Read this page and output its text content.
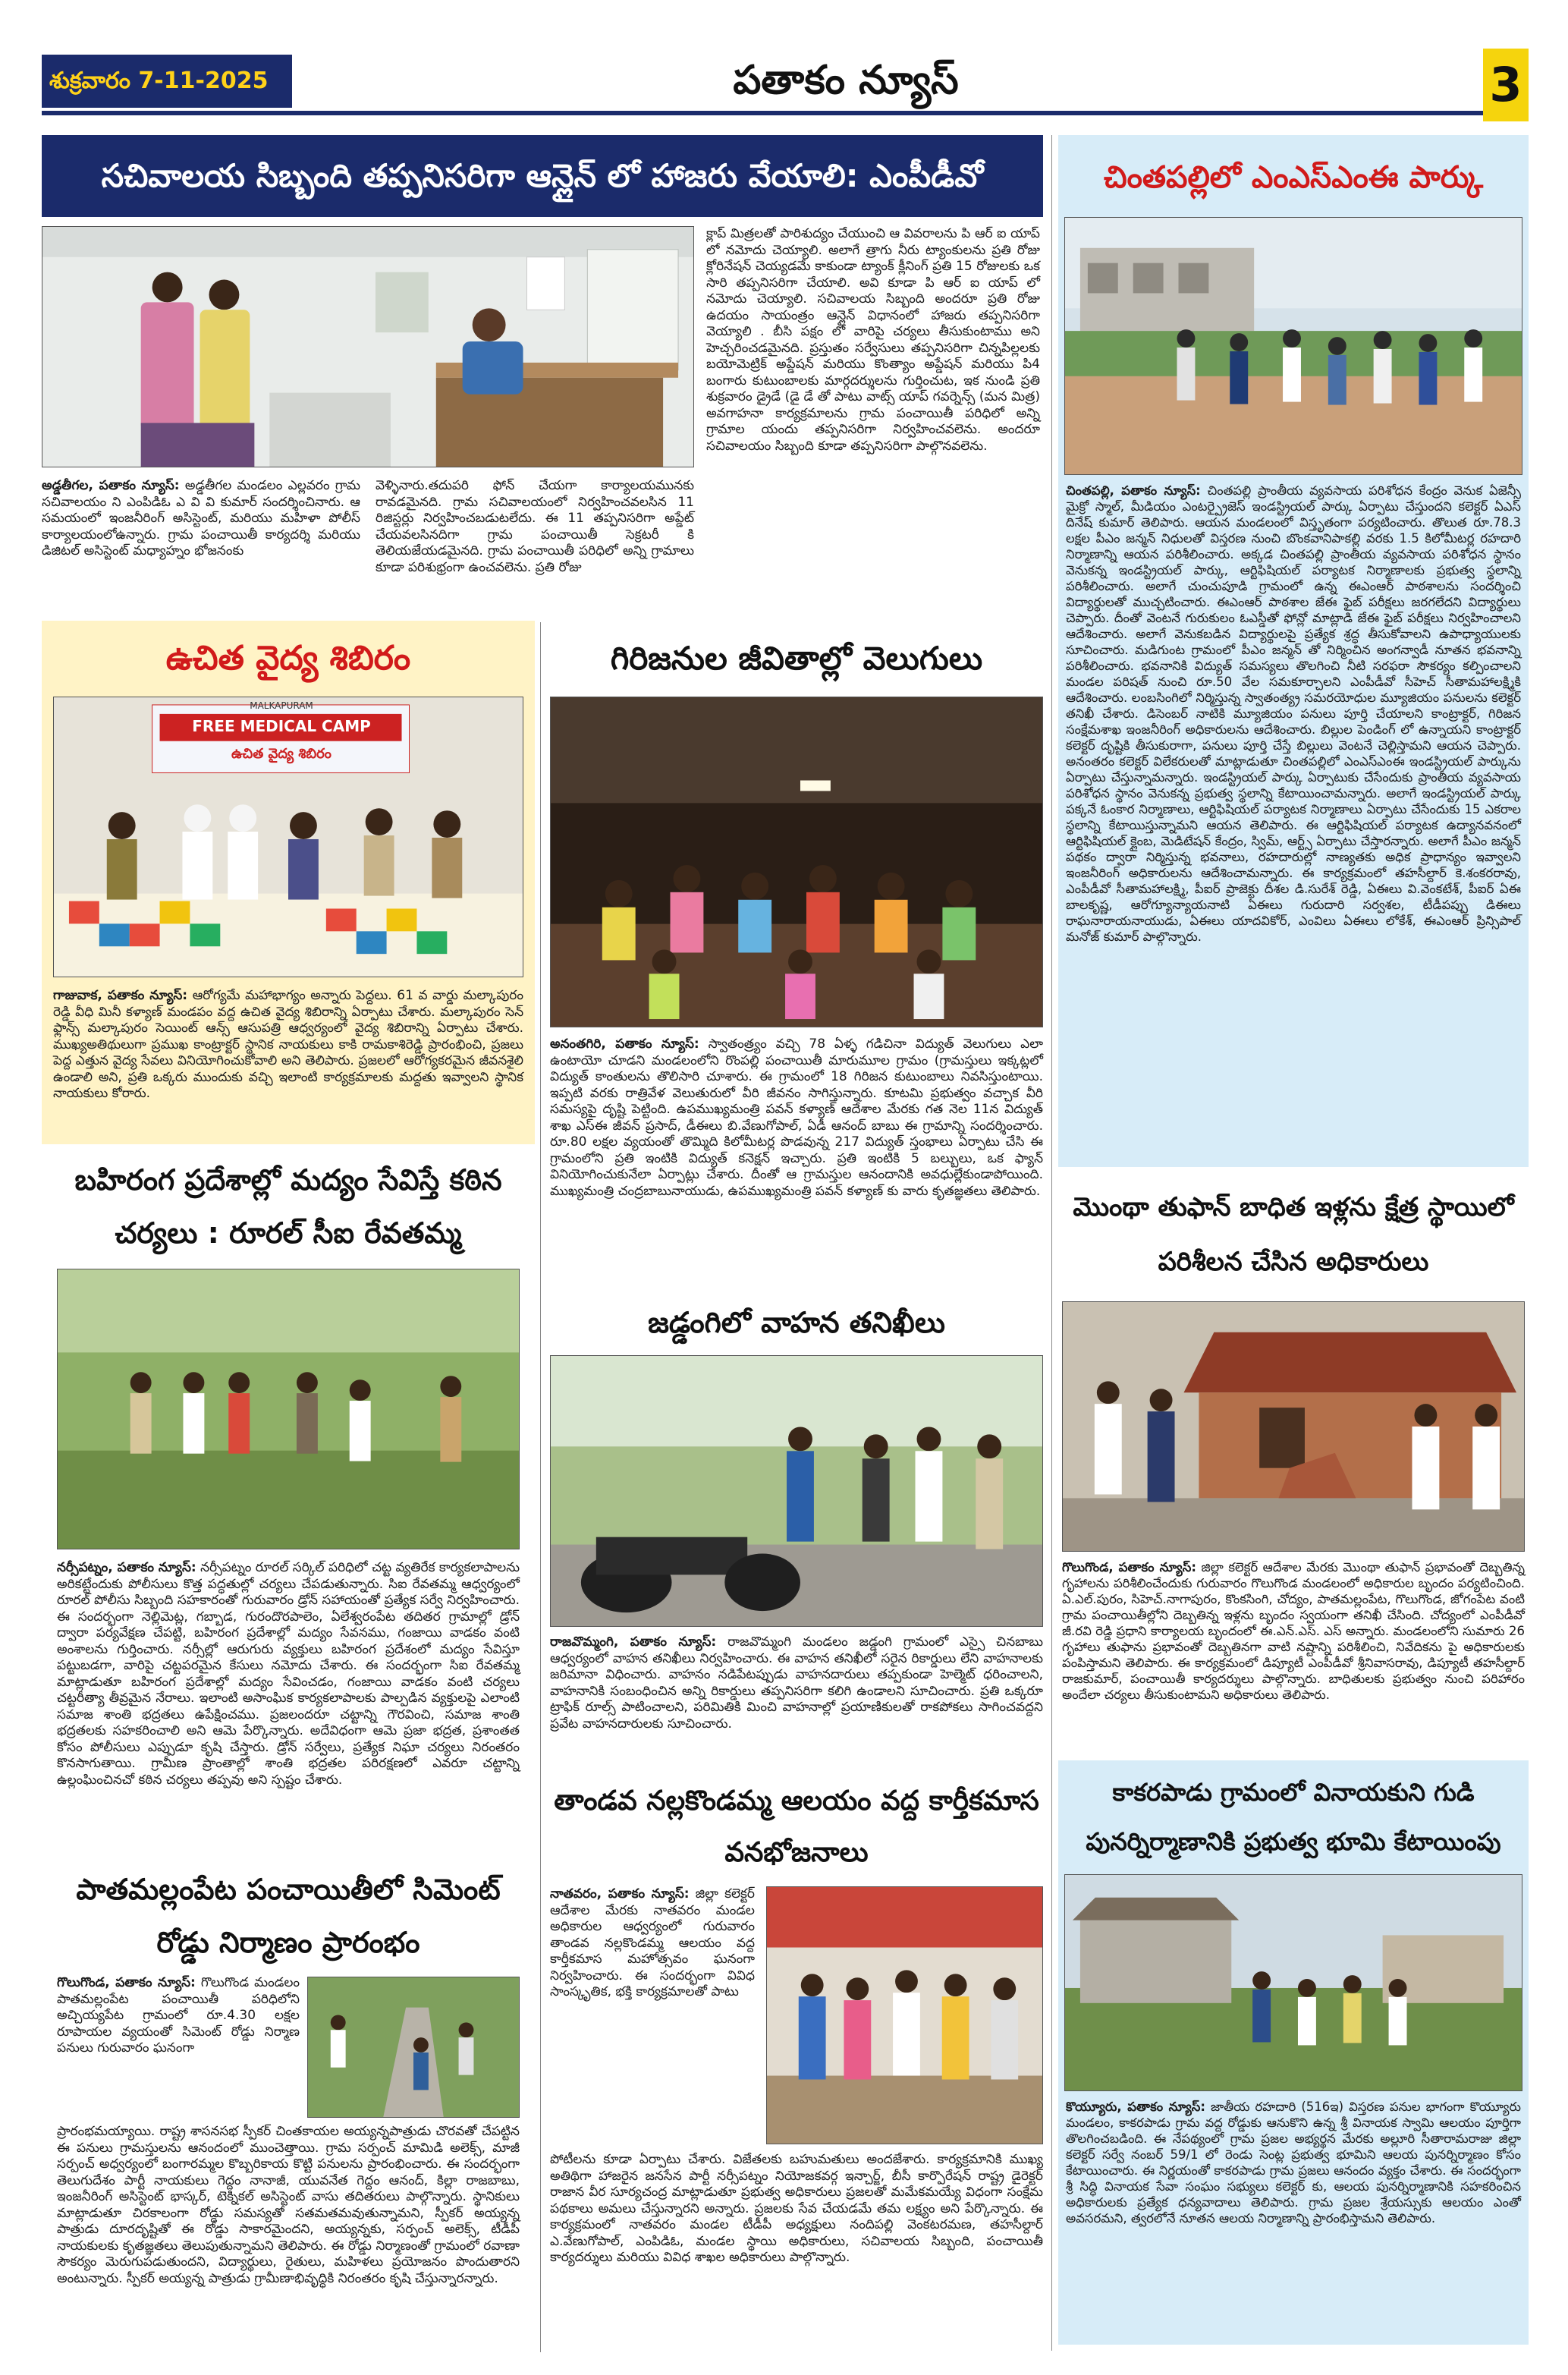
శుక్రవారం 7-11-2025	పతాకం న్యూస్	3
సచివాలయ సిబ్బంది తప్పనిసరిగా ఆన్లైన్ లో హాజరు వేయాలి: ఎంపీడీవో
క్లాప్ మిత్రలతో పారిశుద్యం చేయుంచి ఆ వివరాలను పి ఆర్ ఐ యాప్ లో నమోదు చెయ్యాలి. అలాగే త్రాగు నీరు ట్యాంకులను ప్రతి రోజు క్లోరినేషన్ చెయ్యడమే కాకుండా ట్యాంక్ క్లీనింగ్ ప్రతి 15 రోజులకు ఒక సారి తప్పనిసరిగా చేయాలి. అవి కూడా పి ఆర్ ఐ యాప్ లో నమోదు చెయ్యాలి. సచివాలయ సిబ్బంది అందరూ ప్రతి రోజు ఉదయం సాయంత్రం ఆన్లైన్ విధానంలో హాజరు తప్పనిసరిగా వెయ్యాలి . బీసి పక్షం లో వారిపై చర్యలు తీసుకుంటాము అని హెచ్చరించడమైనది. ప్రస్తుతం సర్వేసులు తప్పనిసరిగా చిన్నపిల్లలకు బయోమెట్రిక్ అప్డేషన్ మరియు కొంత్యాం అప్డేషన్ మరియు పి4 బంగారు కుటుంబాలకు మార్గదర్శులను గుర్తించుట, ఇక నుండి ప్రతి శుక్రవారం డ్రైడే (డై డే తో పాటు వాట్స్ యాప్ గవర్నెన్స్ (మన మిత్ర) అవగాహనా కార్యక్రమాలను గ్రామ పంచాయితీ పరిధిలో అన్ని గ్రామాల యందు తప్పనిసరిగా నిర్వహించవలెను. అందరూ సచివాలయం సిబ్బంది కూడా తప్పనిసరిగా పాల్గొనవలెను.
అడ్డతీగల, పతాకం న్యూస్: అడ్డతీగల మండలం ఎల్లవరం గ్రామ సచివాలయం ని ఎంపిడిఓ ఎ వి వి కుమార్ సందర్శించినారు. ఆ సమయంలో ఇంజనీరింగ్ అసిస్టెంట్, మరియు మహిళా పోలీస్ కార్యాలయంలోఉన్నారు. గ్రామ పంచాయితీ కార్యదర్శి మరియు డిజిటల్ అసిస్టెంట్ మధ్యాహ్నం భోజనంకు
వెళ్ళినారు.తదుపరి ఫోన్ చేయగా కార్యాలయమునకు రావడమైనది. గ్రామ సచివాలయంలో నిర్వహించవలసిన 11 రిజిస్టర్లు నిర్వహించబడుటలేదు. ఈ 11 తప్పనిసరిగా అప్డేట్ చేయవలసినదిగా గ్రామ పంచాయితీ సెక్రటరీ కి తెలియజేయడమైనది. గ్రామ పంచాయితీ పరిధిలో అన్ని గ్రామాలు కూడా పరిశుభ్రంగా ఉంచవలెను. ప్రతి రోజు
చింతపల్లిలో ఎంఎస్ఎంఈ పార్కు
చింతపల్లి, పతాకం న్యూస్: చింతపల్లి ప్రాంతీయ వ్యవసాయ పరిశోధన కేంద్రం వెనుక ఏజెన్సీ మైక్రో స్మాల్, మీడియం ఎంటర్ప్రైజెస్ ఇండస్ట్రియల్ పార్కు ఏర్పాటు చేస్తుందని కలెక్టర్ ఏఎస్ దినేష్ కుమార్ తెలిపారు. ఆయన మండలంలో విస్తృతంగా పర్యటించారు. తొలుత రూ.78.3 లక్షల పీఎం జన్మన్ నిధులతో విస్తరణ నుంచి బొంకవానిపాకల్లి వరకు 1.5 కిలోమీటర్ల రహదారి నిర్మాణాన్ని ఆయన పరిశీలించారు. అక్కడ చింతపల్లి ప్రాంతీయ వ్యవసాయ పరిశోధన స్థానం వెనుకన్న ఇండస్ట్రియల్ పార్కు, ఆర్టిఫిషియల్ పర్యాటక నిర్మాణాలకు ప్రభుత్వ స్థలాన్ని పరిశీలించారు. అలాగే చుంచుపూడి గ్రామంలో ఉన్న ఈఎంఆర్ పాఠశాలను సందర్శించి విద్యార్థులతో ముచ్చటించారు. ఈఎంఆర్ పాఠశాల జేఈ ఫైబ్ పరీక్షలు జరగలేదని విద్యార్థులు చెప్పారు. దీంతో వెంటనే గురుకులం ఓఎస్డీతో ఫోన్లో మాట్లాడి జేఈ ఫైబ్ పరీక్షలు నిర్వహించాలని ఆదేశించారు. అలాగే వెనుకబడిన విద్యార్థులపై ప్రత్యేక శ్రద్ధ తీసుకోవాలని ఉపాధ్యాయులకు సూచించారు. మడిగుంట గ్రామంలో పీఎం జన్మన్ తో నిర్మించిన అంగన్వాడీ నూతన భవనాన్ని పరిశీలించారు. భవనానికి విద్యుత్ సమస్యలు తొలగించి నీటి సరఫరా సౌకర్యం కల్పించాలని మండల పరిషత్ నుంచి రూ.50 వేల సమకూర్చాలని ఎంపీడీవో సీహెచ్ సీతామహాలక్ష్మికి ఆదేశించారు. లంబసింగిలో నిర్మిస్తున్న స్వాతంత్య్ర సమరయోధుల మ్యూజియం పనులను కలెక్టర్ తనిఖీ చేశారు. డిసెంబర్ నాటికి మ్యూజియం పనులు పూర్తి చేయాలని కాంట్రాక్టర్, గిరిజన సంక్షేమశాఖ ఇంజనీరింగ్ అధికారులను ఆదేశించారు. బిల్లుల పెండింగ్ లో ఉన్నాయని కాంట్రాక్టర్ కలెక్టర్ దృష్టికి తీసుకురాగా, పనులు పూర్తి చేస్తే బిల్లులు వెంటనే చెల్లిస్తామని ఆయన చెప్పారు. అనంతరం కలెక్టర్ విలేకరులతో మాట్లాడుతూ చింతపల్లిలో ఎంఎస్ఎంఈ ఇండస్ట్రియల్ పార్కును ఏర్పాటు చేస్తున్నామన్నారు. ఇండస్ట్రియల్ పార్కు ఏర్పాటుకు చేసేందుకు ప్రాంతీయ వ్యవసాయ పరిశోధన స్థానం వెనుకన్న ప్రభుత్వ స్థలాన్ని కేటాయించామన్నారు. అలాగే ఇండస్ట్రియల్ పార్కు పక్కనే ఓంకార నిర్మాణాలు, ఆర్టిఫిషియల్ పర్యాటక నిర్మాణాలు ఏర్పాటు చేసేందుకు 15 ఎకరాల స్థలాన్ని కేటాయిస్తున్నామని ఆయన తెలిపారు. ఈ ఆర్టిఫిషియల్ పర్యాటక ఉద్యానవనంలో ఆర్టిఫిషియల్ క్లైంబ, మెడిటేషన్ కేంద్రం, స్విమ్, ఆర్ట్స్ ఏర్పాటు చేస్తారన్నారు. అలాగే పీఎం జన్మన్ పథకం ద్వారా నిర్మిస్తున్న భవనాలు, రహదారుల్లో నాణ్యతకు అధిక ప్రాధాన్యం ఇవ్వాలని ఇంజనీరింగ్ అధికారులను ఆదేశించామన్నారు. ఈ కార్యక్రమంలో తహసీల్దార్ కె.శంకరరావు, ఎంపీడీవో సీతామహాలక్ష్మి, పీఐర్ ప్రాజెక్టు దీశల డి.సురేశ్ రెడ్డి, ఏఈలు వి.వెంకటేశ్, పీఐర్ ఏఈ బాలకృష్ణ, ఆరోగ్యూన్యాయనాటి ఏఈలు గురుదారి సర్వశల, టీడీపప్పు డిఈలు రాఘనారాయనాయుడు, ఏఈలు యాదవికోర్, ఎంవిలు ఏఈలు లోకేశ్, ఈఎంఆర్ ప్రిన్సిపాల్ మనోజ్ కుమార్ పాల్గొన్నారు.
ఉచిత వైద్య శిబిరం
FREE MEDICAL CAMP
ఉచిత వైద్య శిబిరం
MALKAPURAM
గాజువాక, పతాకం న్యూస్: ఆరోగ్యమే మహాభాగ్యం అన్నారు పెద్దలు. 61 వ వార్డు మల్కాపురం రెడ్డి వీధి మినీ కళ్యాణ్ మండపం వద్ద ఉచిత వైద్య శిబిరాన్ని ఏర్పాటు చేశారు. మల్కాపురం సెన్ ఫ్లాన్స్ మల్కాపురం సెయింట్ ఆన్స్ ఆసుపత్రి ఆధ్వర్యంలో వైద్య శిబిరాన్ని ఏర్పాటు చేశారు. ముఖ్యఅతిథులుగా ప్రముఖ కాంట్రాక్టర్ స్థానిక నాయకులు కాకి రామకాశిరెడ్డి ప్రారంభించి, ప్రజలు పెద్ద ఎత్తున వైద్య సేవలు వినియోగించుకోవాలి అని తెలిపారు. ప్రజలలో ఆరోగ్యకరమైన జీవనశైలి ఉండాలి అని, ప్రతి ఒక్కరు ముందుకు వచ్చి ఇలాంటి కార్యక్రమాలకు మద్దతు ఇవ్వాలని స్థానిక నాయకులు కోరారు.
బహిరంగ ప్రదేశాల్లో మద్యం సేవిస్తే కఠిన చర్యలు : రూరల్ సీఐ రేవతమ్మ
నర్సీపట్నం, పతాకం న్యూస్: నర్సీపట్నం రూరల్ సర్కిల్ పరిధిలో చట్ట వ్యతిరేక కార్యకలాపాలను అరికట్టేందుకు పోలీసులు కొత్త పద్ధతుల్లో చర్యలు చేపడుతున్నారు. సిఐ రేవతమ్మ ఆధ్వర్యంలో రూరల్ పోలీసు సిబ్బంది సహకారంతో గురువారం డ్రోన్ సహాయంతో ప్రత్యేక సర్వే నిర్వహించారు. ఈ సందర్భంగా నెల్లిమెట్ల, గబ్బాడ, గురందొరపాలెం, ఏలేశ్వరంపేట తదితర గ్రామాల్లో డ్రోన్ ద్వారా పర్యవేక్షణ చేపట్టి, బహిరంగ ప్రదేశాల్లో మద్యం సేవనము, గంజాయి వాడకం వంటి అంశాలను గుర్తించారు. నర్సీల్లో ఆరుగురు వ్యక్తులు బహిరంగ ప్రదేశంలో మద్యం సేవిస్తూ పట్టుబడగా, వారిపై చట్టపరమైన కేసులు నమోదు చేశారు. ఈ సందర్భంగా సిఐ రేవతమ్మ మాట్లాడుతూ బహిరంగ ప్రదేశాల్లో మద్యం సేవించడం, గంజాయి వాడకం వంటి చర్యలు చట్టరీత్యా తీవ్రమైన నేరాలు. ఇలాంటి అసాంఘిక కార్యకలాపాలకు పాల్పడిన వ్యక్తులపై ఎలాంటి సమాజ శాంతి భద్రతలు ఉపేక్షించము. ప్రజలందరూ చట్టాన్ని గౌరవించి, సమాజ శాంతి భద్రతలకు సహకరించాలి అని ఆమె పేర్కొన్నారు. అదేవిధంగా ఆమె ప్రజా భద్రత, ప్రశాంతత కోసం పోలీసులు ఎప్పుడూ కృషి చేస్తారు. డ్రోన్ సర్వేలు, ప్రత్యేక నిఘా చర్యలు నిరంతరం కొనసాగుతాయి. గ్రామీణ ప్రాంతాల్లో శాంతి భద్రతల పరిరక్షణలో ఎవరూ చట్టాన్ని ఉల్లంఘించినచో కఠిన చర్యలు తప్పవు అని స్పష్టం చేశారు.
పాతమల్లంపేట పంచాయితీలో సిమెంట్ రోడ్డు నిర్మాణం ప్రారంభం
గొలుగొండ, పతాకం న్యూస్: గొలుగొండ మండలం పాతమల్లంపేట పంచాయితీ పరిధిలోని అచ్చియ్యపేట గ్రామంలో రూ.4.30 లక్షల రూపాయల వ్యయంతో సిమెంట్ రోడ్డు నిర్మాణ పనులు గురువారం ఘనంగా
ప్రారంభమయ్యాయి. రాష్ట్ర శాసనసభ స్పీకర్ చింతకాయల అయ్యన్నపాత్రుడు చొరవతో చేపట్టిన ఈ పనులు గ్రామస్తులను ఆనందంలో ముంచెత్తాయి. గ్రామ సర్పంచ్ మామిడి అలెక్స్, మాజీ సర్పంచ్ అధ్వర్యంలో బంగారమ్మల కొబ్బరికాయ కొట్టి పనులను ప్రారంభించారు. ఈ సందర్భంగా తెలుగుదేశం పార్టీ నాయకులు గెద్దం నానాజీ, యువనేత గెద్దం ఆనంద్, కిల్లా రాజబాబు, ఇంజనీరింగ్ అసిస్టెంట్ భాస్కర్, టెక్నికల్ అసిస్టెంట్ వాసు తదితరులు పాల్గొన్నారు. స్థానికులు మాట్లాడుతూ చిరకాలంగా రోడ్డు సమస్యతో సతమతమవుతున్నామని, స్పీకర్ అయ్యన్న పాత్రుడు దూరదృష్టితో ఈ రోడ్డు సాకారమైందని, అయ్యన్నకు, సర్పంచ్ అలెక్స్, టీడీపీ నాయకులకు కృతజ్ఞతలు తెలుపుతున్నామని తెలిపారు. ఈ రోడ్డు నిర్మాణంతో గ్రామంలో రవాణా సౌకర్యం మెరుగుపడుతుందని, విద్యార్థులు, రైతులు, మహిళలు ప్రయోజనం పొందుతారని అంటున్నారు. స్పీకర్ అయ్యన్న పాత్రుడు గ్రామీణాభివృద్ధికి నిరంతరం కృషి చేస్తున్నారన్నారు.
గిరిజనుల జీవితాల్లో వెలుగులు
అనంతగిరి, పతాకం న్యూస్: స్వాతంత్ర్యం వచ్చి 78 ఏళ్ళ గడిచినా విద్యుత్ వెలుగులు ఎలా ఉంటాయో చూడని మండలంలోని రొంపల్లి పంచాయితీ మారుమూల గ్రామం (గ్రామస్తులు ఇక్కట్లలో విద్యుత్ కాంతులను తొలిసారి చూశారు. ఈ గ్రామంలో 18 గిరిజన కుటుంబాలు నివసిస్తుంటాయి. ఇప్పటి వరకు రాత్రివేళ వెలుతురులో వీరి జీవనం సాగిస్తున్నారు. కూటమి ప్రభుత్వం వచ్చాక వీరి సమస్యపై దృష్టి పెట్టింది. ఉపముఖ్యమంత్రి పవన్ కళ్యాణ్ ఆదేశాల మేరకు గత నెల 11న విద్యుత్ శాఖ ఎస్ఈ జీవన్ ప్రసాద్, డీఈలు బి.వేణుగోపాల్, ఏడీ ఆనంద్ బాబు ఈ గ్రామాన్ని సందర్శించారు. రూ.80 లక్షల వ్యయంతో తొమ్మిది కిలోమీటర్ల పొడవున్న 217 విద్యుత్ స్తంభాలు ఏర్పాటు చేసి ఈ గ్రామంలోని ప్రతి ఇంటికి విద్యుత్ కనెక్షన్ ఇచ్చారు. ప్రతి ఇంటికి 5 బల్బులు, ఒక ఫ్యాన్ వినియోగించుకునేలా ఏర్పాట్లు చేశారు. దీంతో ఆ గ్రామస్తుల ఆనందానికి అవధుల్లేకుండాపోయింది. ముఖ్యమంత్రి చంద్రబాబునాయుడు, ఉపముఖ్యమంత్రి పవన్ కళ్యాణ్ కు వారు కృతజ్ఞతలు తెలిపారు.
జడ్డంగిలో వాహన తనిఖీలు
రాజవొమ్మంగి, పతాకం న్యూస్: రాజవొమ్మంగి మండలం జడ్డంగి గ్రామంలో ఎస్సై చినబాబు ఆధ్వర్యంలో వాహన తనిఖీలు నిర్వహించారు. ఈ వాహన తనిఖీలో సరైన రికార్డులు లేని వాహనాలకు జరిమానా విధించారు. వాహనం నడిపేటప్పుడు వాహనదారులు తప్పకుండా హెల్మెట్ ధరించాలని, వాహనానికి సంబంధించిన అన్ని రికార్డులు తప్పనిసరిగా కలిగి ఉండాలని సూచించారు. ప్రతి ఒక్కరూ ట్రాఫిక్ రూల్స్ పాటించాలని, పరిమితికి మించి వాహనాల్లో ప్రయాణికులతో రాకపోకలు సాగించవద్దని ప్రవేట వాహనదారులకు సూచించారు.
తాండవ నల్లకొండమ్మ ఆలయం వద్ద కార్తీకమాస వనభోజనాలు
నాతవరం, పతాకం న్యూస్: జిల్లా కలెక్టర్ ఆదేశాల మేరకు నాతవరం మండల అధికారుల ఆధ్వర్యంలో గురువారం తాండవ నల్లకొండమ్మ ఆలయం వద్ద కార్తీకమాస మహోత్సవం ఘనంగా నిర్వహించారు. ఈ సందర్భంగా వివిధ సాంస్కృతిక, భక్తి కార్యక్రమాలతో పాటు
పోటీలను కూడా ఏర్పాటు చేశారు. విజేతలకు బహుమతులు అందజేశారు. కార్యక్రమానికి ముఖ్య అతిథిగా హాజరైన జనసేన పార్టీ నర్సీపట్నం నియోజకవర్గ ఇన్చార్జ్, బీసీ కార్పొరేషన్ రాష్ట్ర డైరెక్టర్ రాజాన వీర సూర్యచంద్ర మాట్లాడుతూ ప్రభుత్వ అధికారులు ప్రజలతో మమేకమయ్యే విధంగా సంక్షేమ పథకాలు అమలు చేస్తున్నారని అన్నారు. ప్రజలకు సేవ చేయడమే తమ లక్ష్యం అని పేర్కొన్నారు. ఈ కార్యక్రమంలో నాతవరం మండల టీడీపీ అధ్యక్షులు నందిపల్లి వెంకటరమణ, తహసీల్దార్ ఎ.వేణుగోపాల్, ఎంపిడిఓ, మండల స్థాయి అధికారులు, సచివాలయ సిబ్బంది, పంచాయితీ కార్యదర్శులు మరియు వివిధ శాఖల అధికారులు పాల్గొన్నారు.
మొంథా తుఫాన్ బాధిత ఇళ్లను క్షేత్ర స్థాయిలో పరిశీలన చేసిన అధికారులు
గొలుగొండ, పతాకం న్యూస్: జిల్లా కలెక్టర్ ఆదేశాల మేరకు మొంథా తుఫాన్ ప్రభావంతో దెబ్బతిన్న గృహాలను పరిశీలించేందుకు గురువారం గొలుగొండ మండలంలో అధికారుల బృందం పర్యటించింది. ఏ.ఎల్.పురం, సిహెచ్.నాగాపురం, కొంకసింగి, చోద్యం, పాతమల్లంపేట, గొలుగొండ, జోగంపేట వంటి గ్రామ పంచాయితీల్లోని దెబ్బతిన్న ఇళ్లను బృందం స్వయంగా తనిఖీ చేసింది. చోద్యంలో ఎంపీడీవో జీ.రవి రెడ్డి ప్రధాని కార్యాలయ బృందంలో ఈ.ఎన్.ఎస్. ఎస్ అన్నారు. మండలంలోని సుమారు 26 గృహాలు తుఫాను ప్రభావంతో దెబ్బతినగా వాటి నష్టాన్ని పరిశీలించి, నివేదికను పై అధికారులకు పంపిస్తామని తెలిపారు. ఈ కార్యక్రమంలో డిప్యూటీ ఎంపీడీవో శ్రీనివాసరావు, డిప్యూటీ తహసీల్దార్ రాజకుమార్, పంచాయితీ కార్యదర్శులు పాల్గొన్నారు. బాధితులకు ప్రభుత్వం నుంచి పరిహారం అందేలా చర్యలు తీసుకుంటామని అధికారులు తెలిపారు.
కాకరపాడు గ్రామంలో వినాయకుని గుడి పునర్నిర్మాణానికి ప్రభుత్వ భూమి కేటాయింపు
కొయ్యూరు, పతాకం న్యూస్: జాతీయ రహదారి (516ఇ) విస్తరణ పనుల భాగంగా కొయ్యూరు మండలం, కాకరపాడు గ్రామ వద్ద రోడ్డుకు ఆనుకొని ఉన్న శ్రీ వినాయక స్వామి ఆలయం పూర్తిగా తొలగించబడింది. ఈ నేపథ్యంలో గ్రామ ప్రజల అభ్యర్థన మేరకు అల్లూరి సీతారామరాజు జిల్లా కలెక్టర్ సర్వే నంబర్ 59/1 లో రెండు సెంట్ల ప్రభుత్వ భూమిని ఆలయ పునర్నిర్మాణం కోసం కేటాయించారు. ఈ నిర్ణయంతో కాకరపాడు గ్రామ ప్రజలు ఆనందం వ్యక్తం చేశారు. ఈ సందర్భంగా శ్రీ సిద్ధి వినాయక సేవా సంఘం సభ్యులు కలెక్టర్ కు, ఆలయ పునర్నిర్మాణానికి సహకరించిన అధికారులకు ప్రత్యేక ధన్యవాదాలు తెలిపారు. గ్రామ ప్రజల శ్రేయస్సుకు ఆలయం ఎంతో అవసరమని, త్వరలోనే నూతన ఆలయ నిర్మాణాన్ని ప్రారంభిస్తామని తెలిపారు.
